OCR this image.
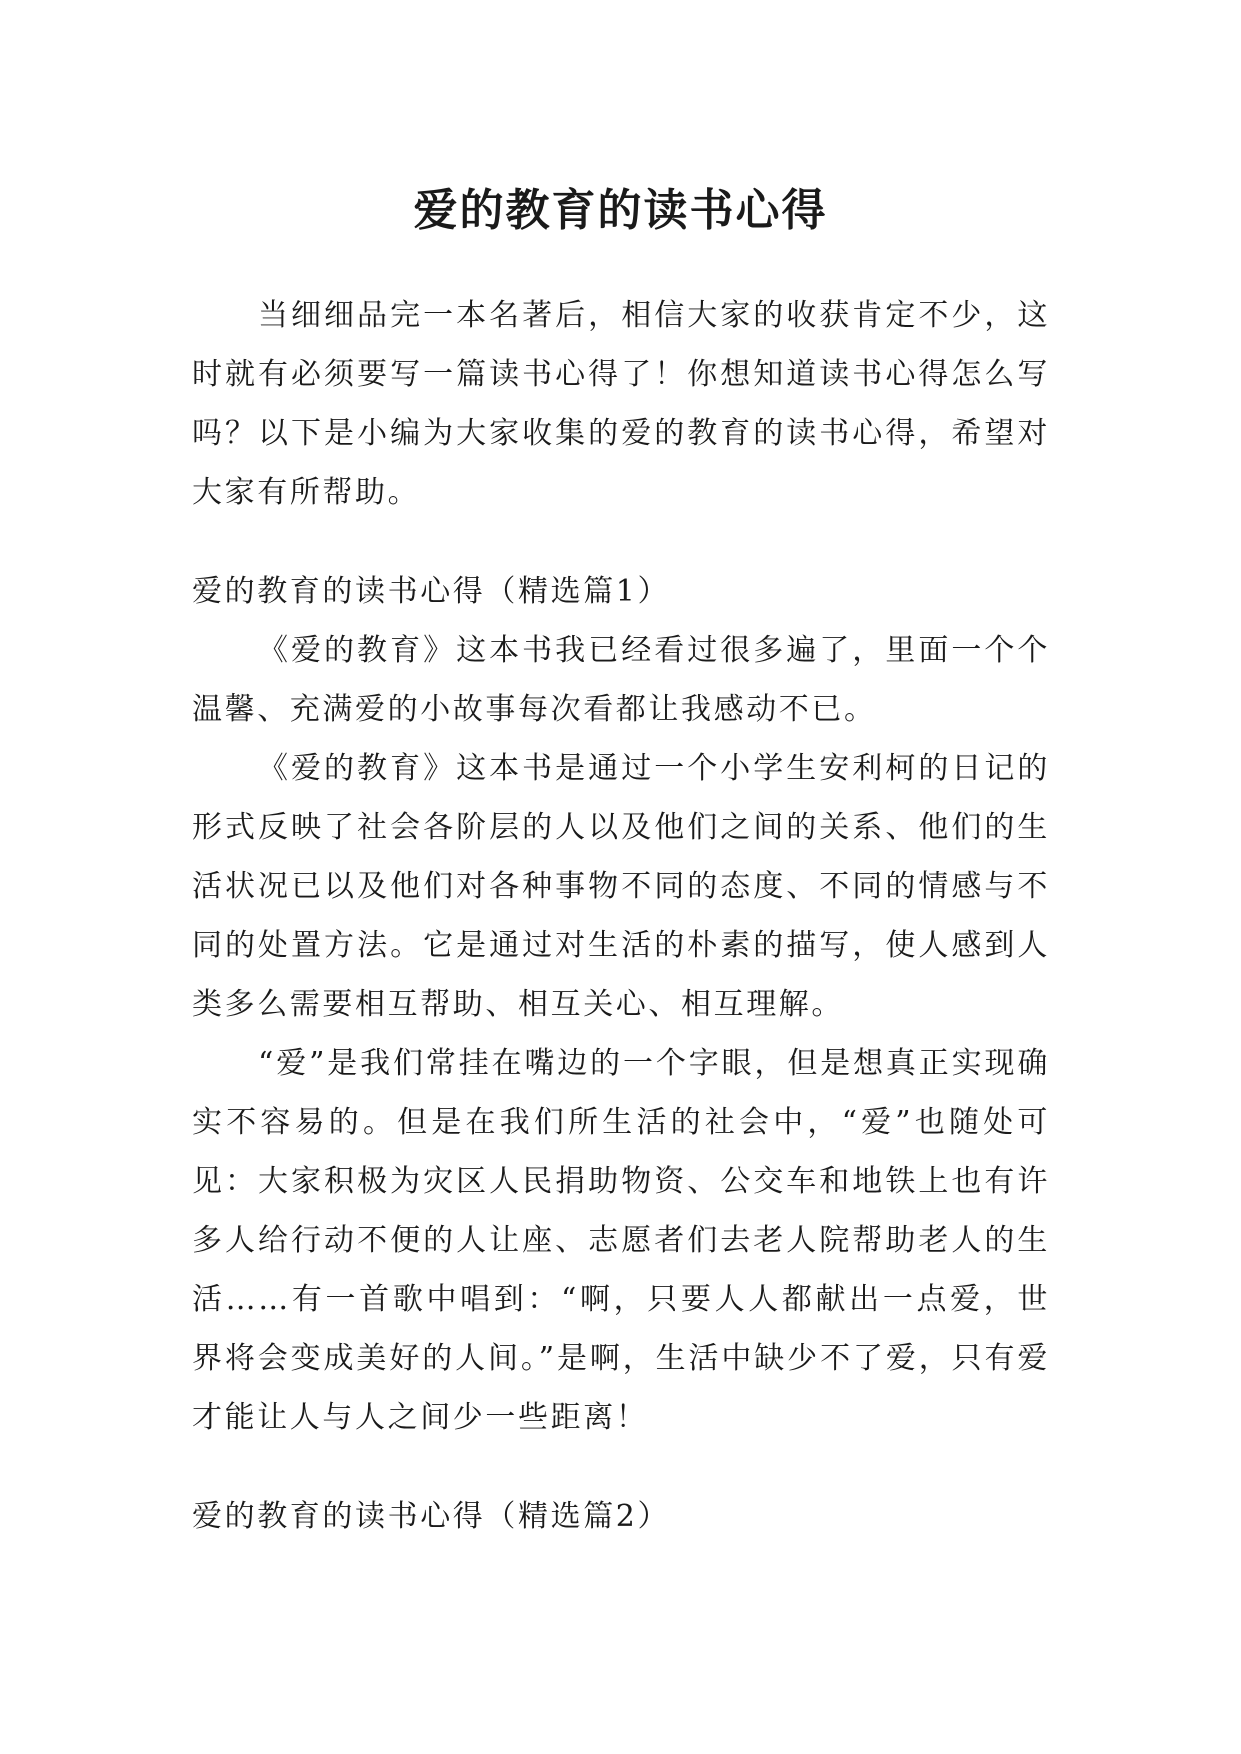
爱的教育的读书心得

当细细品完一本名著后，相信大家的收获肯定不少，这时就有必须要写一篇读书心得了！你想知道读书心得怎么写吗？以下是小编为大家收集的爱的教育的读书心得，希望对大家有所帮助。

爱的教育的读书心得（精选篇1）

《爱的教育》这本书我已经看过很多遍了，里面一个个温馨、充满爱的小故事每次看都让我感动不已。

《爱的教育》这本书是通过一个小学生安利柯的日记的形式反映了社会各阶层的人以及他们之间的关系、他们的生活状况已以及他们对各种事物不同的态度、不同的情感与不同的处置方法。它是通过对生活的朴素的描写，使人感到人类多么需要相互帮助、相互关心、相互理解。

“爱”是我们常挂在嘴边的一个字眼，但是想真正实现确实不容易的。但是在我们所生活的社会中，“爱”也随处可见：大家积极为灾区人民捐助物资、公交车和地铁上也有许多人给行动不便的人让座、志愿者们去老人院帮助老人的生活……有一首歌中唱到：“啊，只要人人都献出一点爱，世界将会变成美好的人间。”是啊，生活中缺少不了爱，只有爱才能让人与人之间少一些距离！

爱的教育的读书心得（精选篇2）
